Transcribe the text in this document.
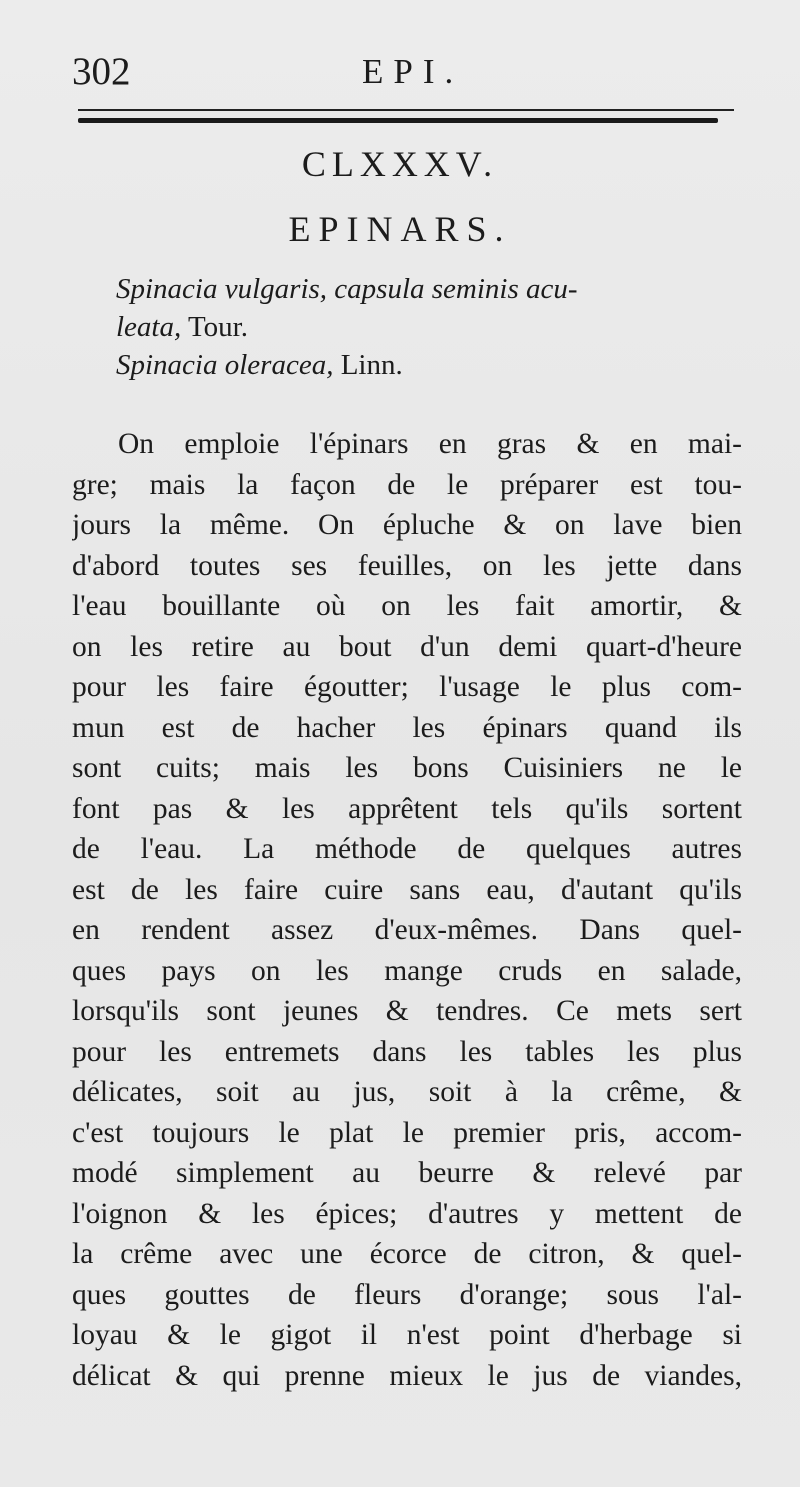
302	EPI.
CLXXXV.
EPINARS.

Spinacia vulgaris, capsula seminis acu-
leata, Tour.

Spinacia oleracea, Linn.

On emploie l'épinars en gras & en mai-
gre; mais la façon de le préparer est tou-
jours la même. On épluche & on lave bien
d'abord toutes ses feuilles, on les jette dans
l'eau bouillante où on les fait amortir, &
on les retire au bout d'un demi quart-d'heure
pour les faire égoutter; l'usage le plus com-
mun est de hacher les épinars quand ils
sont cuits; mais les bons Cuisiniers ne le
font pas & les apprêtent tels qu'ils sortent
de l'eau. La méthode de quelques autres
est de les faire cuire sans eau, d'autant qu'ils
en rendent assez d'eux-mêmes. Dans quel-
ques pays on les mange cruds en salade,
lorsqu'ils sont jeunes & tendres. Ce mets sert
pour les entremets dans les tables les plus
délicates, soit au jus, soit à la crême, &
c'est toujours le plat le premier pris, accom-
modé simplement au beurre & relevé par
l'oignon & les épices; d'autres y mettent de
la crême avec une écorce de citron, & quel-
ques gouttes de fleurs d'orange; sous l'al-
loyau & le gigot il n'est point d'herbage si
délicat & qui prenne mieux le jus de viandes,
